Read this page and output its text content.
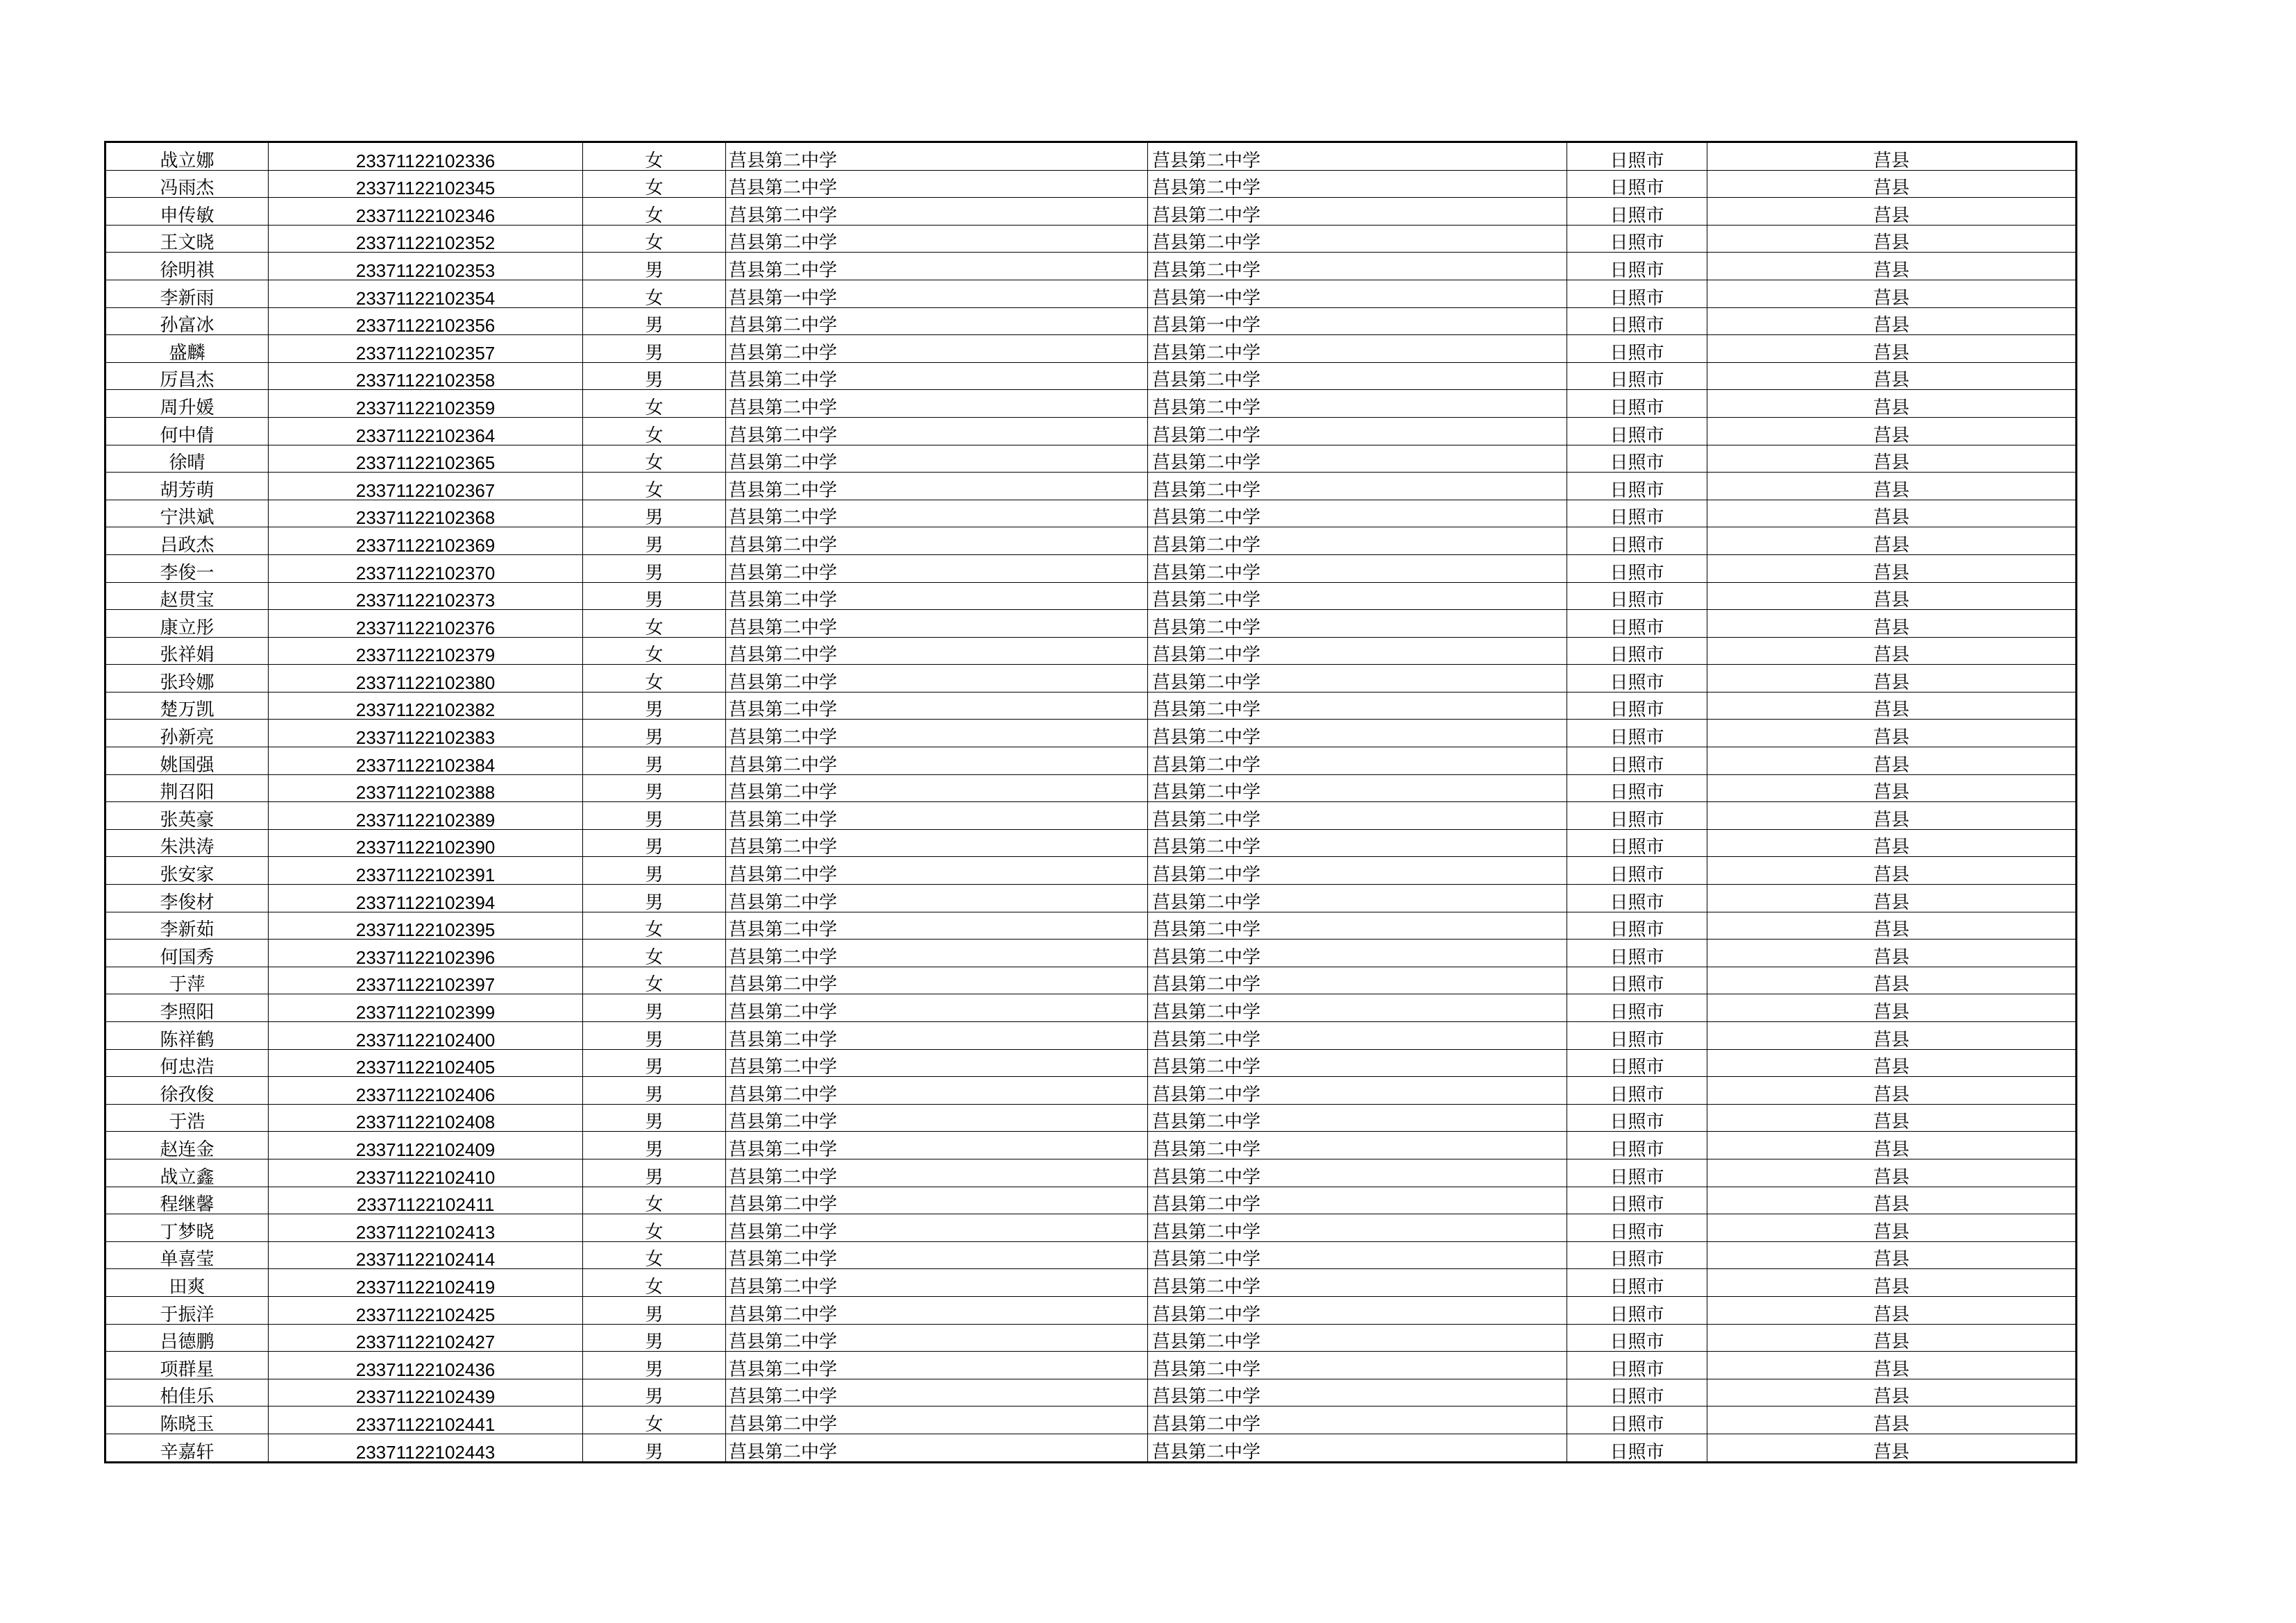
战立娜	23371122102336	女	莒县第二中学	莒县第二中学	日照市	莒县
冯雨杰	23371122102345	女	莒县第二中学	莒县第二中学	日照市	莒县
申传敏	23371122102346	女	莒县第二中学	莒县第二中学	日照市	莒县
王文晓	23371122102352	女	莒县第二中学	莒县第二中学	日照市	莒县
徐明祺	23371122102353	男	莒县第二中学	莒县第二中学	日照市	莒县
李新雨	23371122102354	女	莒县第一中学	莒县第一中学	日照市	莒县
孙富冰	23371122102356	男	莒县第二中学	莒县第一中学	日照市	莒县
盛麟	23371122102357	男	莒县第二中学	莒县第二中学	日照市	莒县
厉昌杰	23371122102358	男	莒县第二中学	莒县第二中学	日照市	莒县
周升媛	23371122102359	女	莒县第二中学	莒县第二中学	日照市	莒县
何中倩	23371122102364	女	莒县第二中学	莒县第二中学	日照市	莒县
徐晴	23371122102365	女	莒县第二中学	莒县第二中学	日照市	莒县
胡芳萌	23371122102367	女	莒县第二中学	莒县第二中学	日照市	莒县
宁洪斌	23371122102368	男	莒县第二中学	莒县第二中学	日照市	莒县
吕政杰	23371122102369	男	莒县第二中学	莒县第二中学	日照市	莒县
李俊一	23371122102370	男	莒县第二中学	莒县第二中学	日照市	莒县
赵贯宝	23371122102373	男	莒县第二中学	莒县第二中学	日照市	莒县
康立彤	23371122102376	女	莒县第二中学	莒县第二中学	日照市	莒县
张祥娟	23371122102379	女	莒县第二中学	莒县第二中学	日照市	莒县
张玲娜	23371122102380	女	莒县第二中学	莒县第二中学	日照市	莒县
楚万凯	23371122102382	男	莒县第二中学	莒县第二中学	日照市	莒县
孙新亮	23371122102383	男	莒县第二中学	莒县第二中学	日照市	莒县
姚国强	23371122102384	男	莒县第二中学	莒县第二中学	日照市	莒县
荆召阳	23371122102388	男	莒县第二中学	莒县第二中学	日照市	莒县
张英豪	23371122102389	男	莒县第二中学	莒县第二中学	日照市	莒县
朱洪涛	23371122102390	男	莒县第二中学	莒县第二中学	日照市	莒县
张安家	23371122102391	男	莒县第二中学	莒县第二中学	日照市	莒县
李俊材	23371122102394	男	莒县第二中学	莒县第二中学	日照市	莒县
李新茹	23371122102395	女	莒县第二中学	莒县第二中学	日照市	莒县
何国秀	23371122102396	女	莒县第二中学	莒县第二中学	日照市	莒县
于萍	23371122102397	女	莒县第二中学	莒县第二中学	日照市	莒县
李照阳	23371122102399	男	莒县第二中学	莒县第二中学	日照市	莒县
陈祥鹤	23371122102400	男	莒县第二中学	莒县第二中学	日照市	莒县
何忠浩	23371122102405	男	莒县第二中学	莒县第二中学	日照市	莒县
徐孜俊	23371122102406	男	莒县第二中学	莒县第二中学	日照市	莒县
于浩	23371122102408	男	莒县第二中学	莒县第二中学	日照市	莒县
赵连金	23371122102409	男	莒县第二中学	莒县第二中学	日照市	莒县
战立鑫	23371122102410	男	莒县第二中学	莒县第二中学	日照市	莒县
程继馨	23371122102411	女	莒县第二中学	莒县第二中学	日照市	莒县
丁梦晓	23371122102413	女	莒县第二中学	莒县第二中学	日照市	莒县
单喜莹	23371122102414	女	莒县第二中学	莒县第二中学	日照市	莒县
田爽	23371122102419	女	莒县第二中学	莒县第二中学	日照市	莒县
于振洋	23371122102425	男	莒县第二中学	莒县第二中学	日照市	莒县
吕德鹏	23371122102427	男	莒县第二中学	莒县第二中学	日照市	莒县
项群星	23371122102436	男	莒县第二中学	莒县第二中学	日照市	莒县
柏佳乐	23371122102439	男	莒县第二中学	莒县第二中学	日照市	莒县
陈晓玉	23371122102441	女	莒县第二中学	莒县第二中学	日照市	莒县
辛嘉轩	23371122102443	男	莒县第二中学	莒县第二中学	日照市	莒县
